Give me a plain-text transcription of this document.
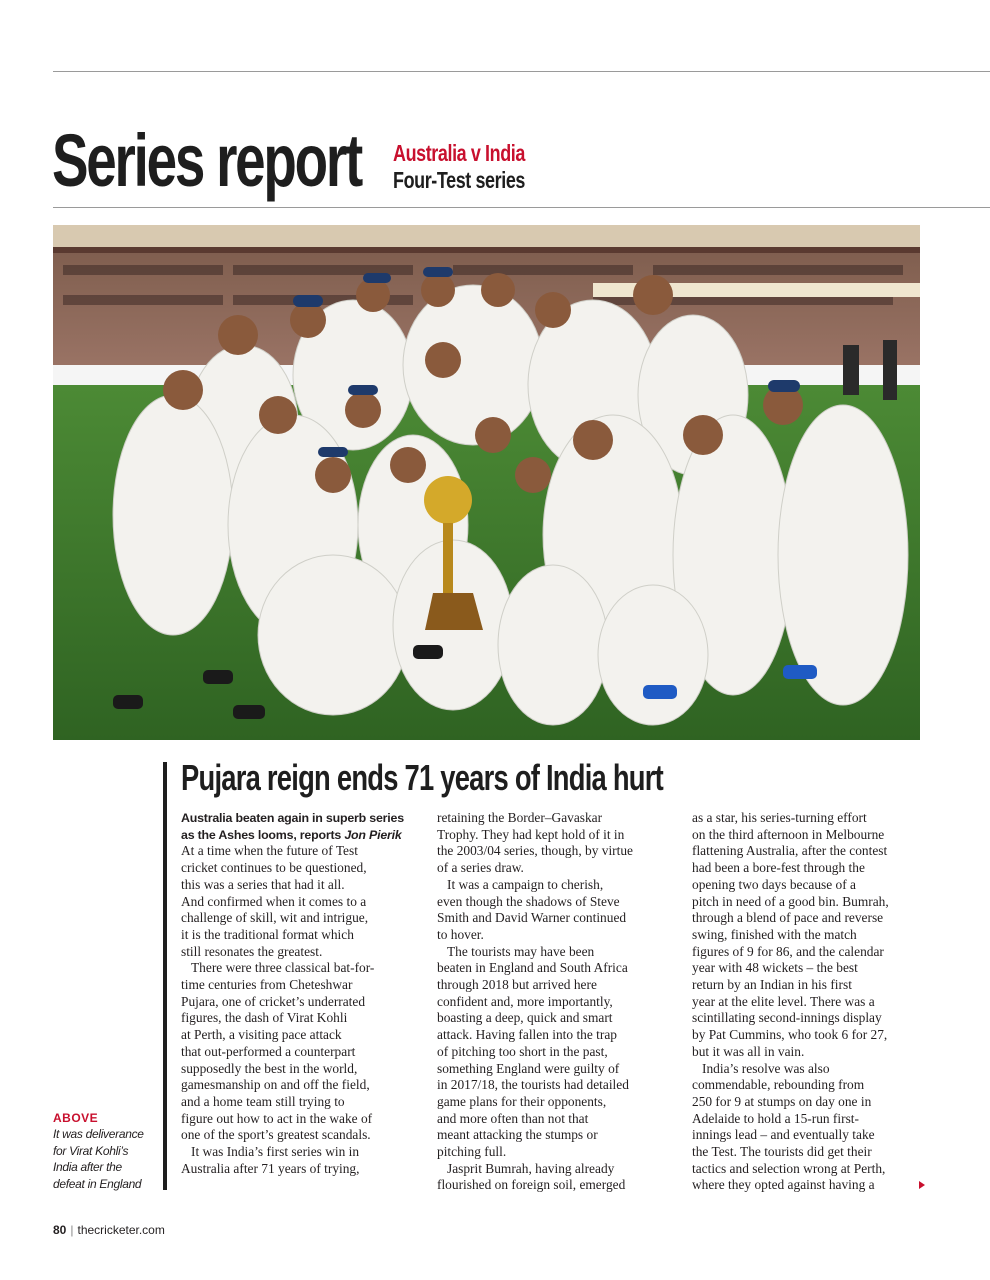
Series report	Australia v India
Four-Test series
Pujara reign ends 71 years of India hurt

Australia beaten again in superb series as the Ashes looms, reports Jon Pierik

At a time when the future of Test
cricket continues to be questioned,
this was a series that had it all.
And confirmed when it comes to a
challenge of skill, wit and intrigue,
it is the traditional format which
still resonates the greatest.

There were three classical bat-for-
time centuries from Cheteshwar
Pujara, one of cricket’s underrated
figures, the dash of Virat Kohli
at Perth, a visiting pace attack
that out-performed a counterpart
supposedly the best in the world,
gamesmanship on and off the field,
and a home team still trying to
figure out how to act in the wake of
one of the sport’s greatest scandals.

It was India’s first series win in
Australia after 71 years of trying,

retaining the Border–Gavaskar
Trophy. They had kept hold of it in
the 2003/04 series, though, by virtue
of a series draw.

It was a campaign to cherish,
even though the shadows of Steve
Smith and David Warner continued
to hover.

The tourists may have been
beaten in England and South Africa
through 2018 but arrived here
confident and, more importantly,
boasting a deep, quick and smart
attack. Having fallen into the trap
of pitching too short in the past,
something England were guilty of
in 2017/18, the tourists had detailed
game plans for their opponents,
and more often than not that
meant attacking the stumps or
pitching full.

Jasprit Bumrah, having already
flourished on foreign soil, emerged

as a star, his series-turning effort
on the third afternoon in Melbourne
flattening Australia, after the contest
had been a bore-fest through the
opening two days because of a
pitch in need of a good bin. Bumrah,
through a blend of pace and reverse
swing, finished with the match
figures of 9 for 86, and the calendar
year with 48 wickets – the best
return by an Indian in his first
year at the elite level. There was a
scintillating second-innings display
by Pat Cummins, who took 6 for 27,
but it was all in vain.

India’s resolve was also
commendable, rebounding from
250 for 9 at stumps on day one in
Adelaide to hold a 15-run first-
innings lead – and eventually take
the Test. The tourists did get their
tactics and selection wrong at Perth,
where they opted against having a

ABOVE
It was deliverance
for Virat Kohli’s
India after the
defeat in England
80 | thecricketer.com
